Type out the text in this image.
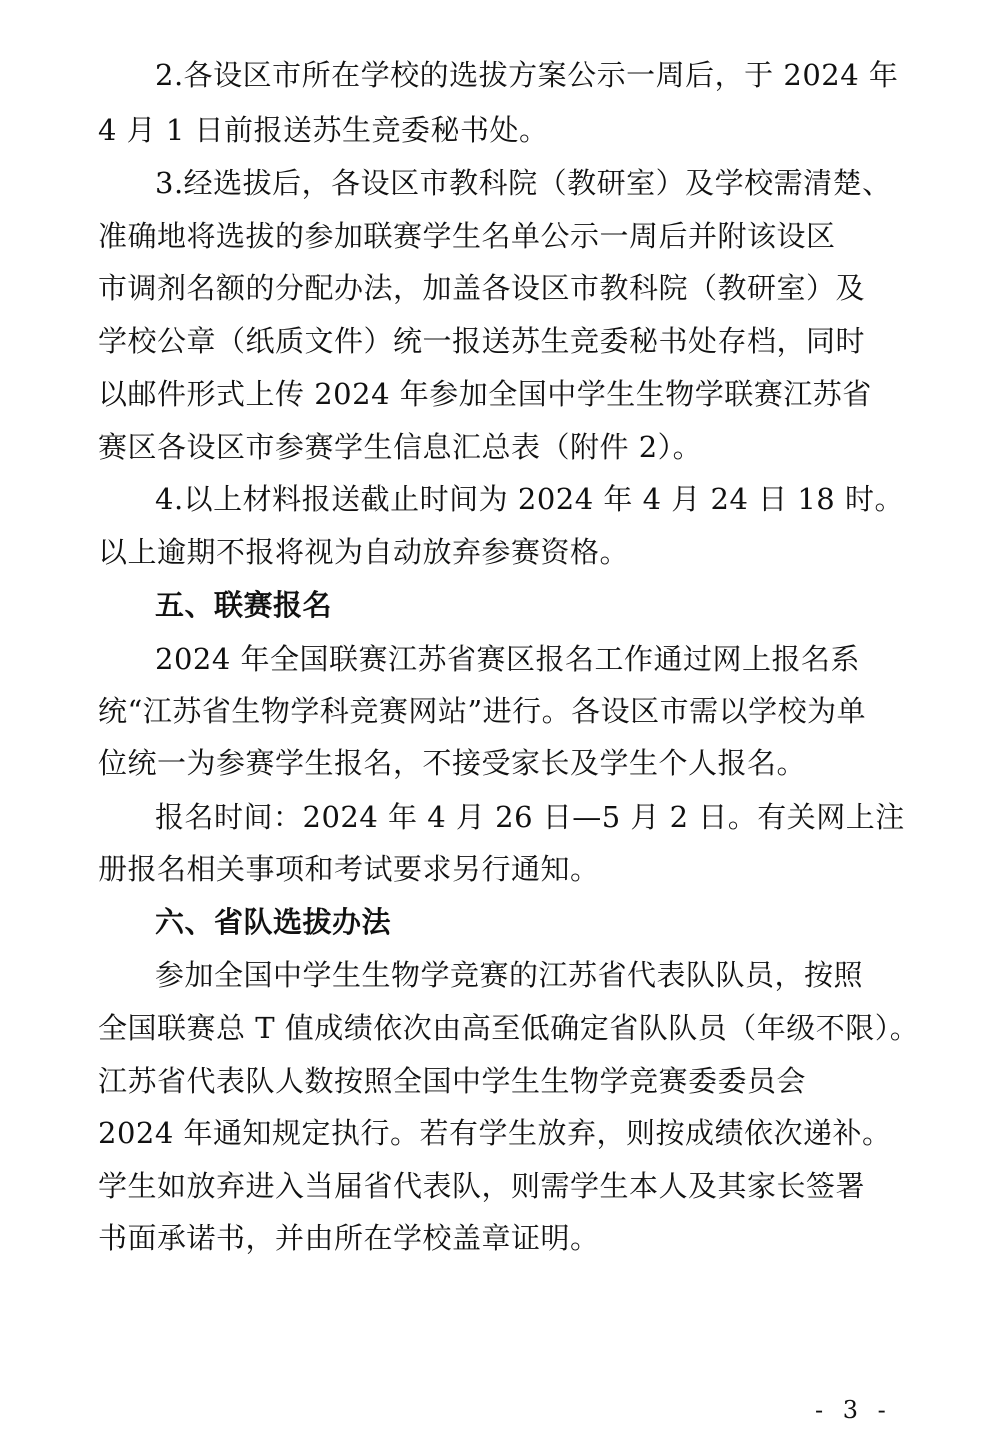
2.各设区市所在学校的选拔方案公示一周后，于 2024 年
4 月 1 日前报送苏生竞委秘书处。
3.经选拔后，各设区市教科院（教研室）及学校需清楚、
准确地将选拔的参加联赛学生名单公示一周后并附该设区
市调剂名额的分配办法，加盖各设区市教科院（教研室）及
学校公章（纸质文件）统一报送苏生竞委秘书处存档，同时
以邮件形式上传 2024 年参加全国中学生生物学联赛江苏省
赛区各设区市参赛学生信息汇总表（附件 2）。
4.以上材料报送截止时间为 2024 年 4 月 24 日 18 时。
以上逾期不报将视为自动放弃参赛资格。
五、联赛报名
2024 年全国联赛江苏省赛区报名工作通过网上报名系
统“江苏省生物学科竞赛网站”进行。各设区市需以学校为单
位统一为参赛学生报名，不接受家长及学生个人报名。
报名时间：2024 年 4 月 26 日—5 月 2 日。有关网上注
册报名相关事项和考试要求另行通知。
六、省队选拔办法
参加全国中学生生物学竞赛的江苏省代表队队员，按照
全国联赛总 T 值成绩依次由高至低确定省队队员（年级不限）。
江苏省代表队人数按照全国中学生生物学竞赛委委员会
2024 年通知规定执行。若有学生放弃，则按成绩依次递补。
学生如放弃进入当届省代表队，则需学生本人及其家长签署
书面承诺书，并由所在学校盖章证明。
- 3 -
